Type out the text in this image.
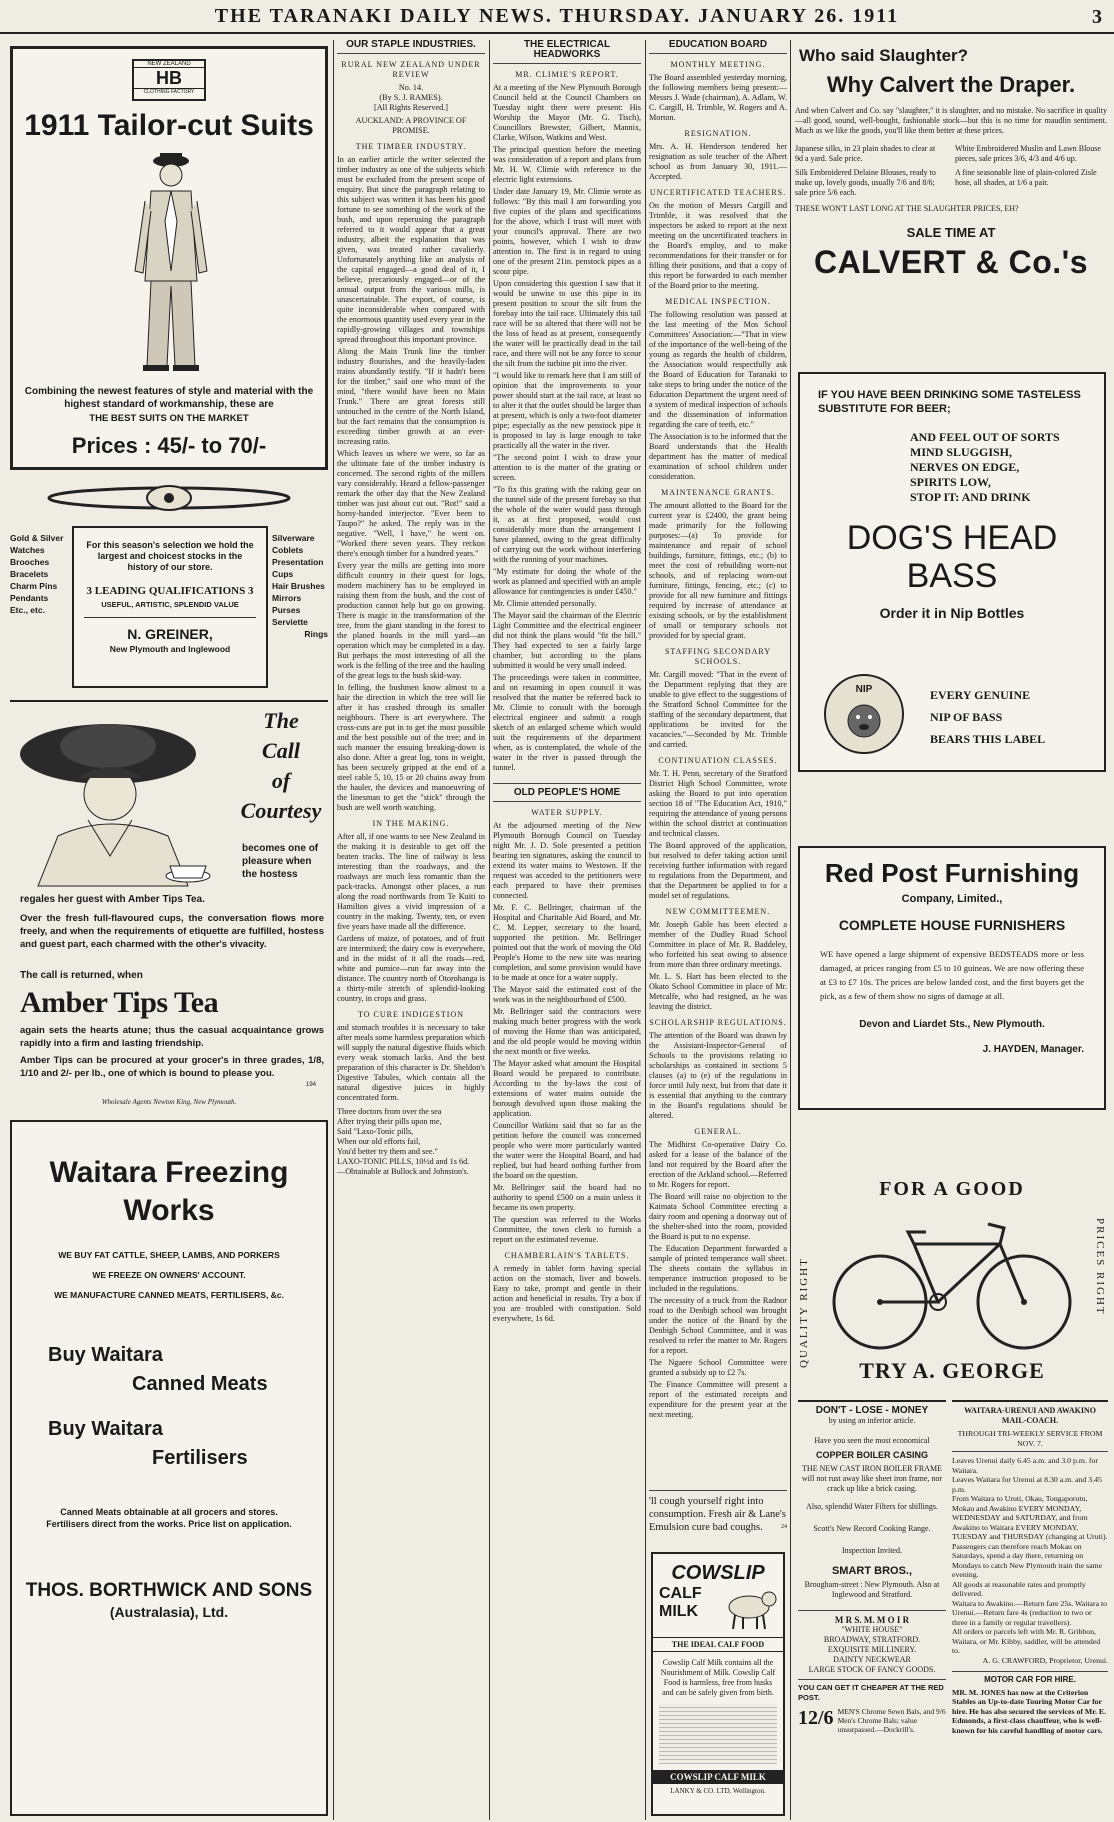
THE TARANAKI DAILY NEWS. THURSDAY. JANUARY 26. 1911	3
NEW ZEALAND
HB
CLOTHING FACTORY
1911 Tailor-cut Suits
Combining the newest features of style and material with the highest standard of workmanship, these are
THE BEST SUITS ON THE MARKET
Prices : 45/- to 70/-
Gold & Silver
Watches
Brooches
Bracelets
Charm Pins
Pendants
Etc., etc.
For this season's selection we hold the largest and choicest stocks in the history of our store.
3 LEADING QUALIFICATIONS 3
USEFUL, ARTISTIC, SPLENDID VALUE
N. GREINER,
New Plymouth and Inglewood
Silverware
Coblets
Presentation
Cups
Hair Brushes
Mirrors
Purses
Serviette
Rings
The
Call
of
Courtesy
becomes one of pleasure when the hostess
regales her guest with Amber Tips Tea.
Over the fresh full-flavoured cups, the conversation flows more freely, and when the requirements of etiquette are fulfilled, hostess and guest part, each charmed with the other's vivacity.
The call is returned, when
Amber Tips Tea
again sets the hearts atune; thus the casual acquaintance grows rapidly into a firm and lasting friendship.
Amber Tips can be procured at your grocer's in three grades, 1/8, 1/10 and 2/- per lb., one of which is bound to please you.
194
Wholesale Agents Newton King, New Plymouth.
Waitara Freezing
Works
WE BUY FAT CATTLE, SHEEP, LAMBS, AND PORKERS
WE FREEZE ON OWNERS' ACCOUNT.
WE MANUFACTURE CANNED MEATS, FERTILISERS, &c.
Buy Waitara
Canned Meats
Buy Waitara
Fertilisers
Canned Meats obtainable at all grocers and stores. Fertilisers direct from the works. Price list on application.
THOS. BORTHWICK AND SONS
(Australasia), Ltd.
OUR STAPLE INDUSTRIES.
RURAL NEW ZEALAND UNDER REVIEW
No. 14.
(By S. J. RAMES).
[All Rights Reserved.]
AUCKLAND: A PROVINCE OF PROMISE.
THE TIMBER INDUSTRY.

In an earlier article the writer selected the timber industry as one of the subjects which must be excluded from the present scope of enquiry. But since the paragraph relating to this subject was written it has been his good fortune to see something of the work of the bush, and upon reperusing the paragraph referred to it would appear that a great industry, albeit the explanation that was given, was treated rather cavalierly. Unfortunately anything like an analysis of the capital engaged—a good deal of it, I believe, precariously engaged—or of the annual output from the various mills, is unascertainable. The export, of course, is quite inconsiderable when compared with the enormous quantity used every year in the rapidly-growing villages and townships spread throughout this important province.

Along the Main Trunk line the timber industry flourishes, and the heavily-laden trains abundantly testify. "If it hadn't been for the timber," said one who must of the mind, "there would have been no Main Trunk." There are great forests still untouched in the centre of the North Island, but the fact remains that the consumption is exceeding timber growth at an ever-increasing ratio.

Which leaves us where we were, so far as the ultimate fate of the timber industry is concerned. The second rights of the millers vary considerably. Heard a fellow-passenger remark the other day that the New Zealand timber was just about cut out. "Rot!" said a horny-handed interjector. "Ever been to Taupo?" he asked. The reply was in the negative. "Well, I have," he went on. "Worked there seven years. They reckon there's enough timber for a hundred years."

Every year the mills are getting into more difficult country in their quest for logs, modern machinery has to be employed in raising them from the bush, and the cost of production cannot help but go on growing. There is magic in the transformation of the tree, from the giant standing in the forest to the planed boards in the mill yard—an operation which may be completed in a day. But perhaps the most interesting of all the work is the felling of the tree and the hauling of the great logs to the bush skid-way.

In felling, the bushmen know almost to a hair the direction in which the tree will lie after it has crashed through its smaller neighbours. There is art everywhere. The cross-cuts are put in to get the most possible and the best possible out of the tree; and in such manner the ensuing breaking-down is also done. After a great log, tons in weight, has been securely gripped at the end of a steel cable 5, 10, 15 or 20 chains away from the hauler, the devices and manoeuvring of the linesman to get the "stick" through the bush are well worth watching.

IN THE MAKING.

After all, if one wants to see New Zealand in the making it is desirable to get off the beaten tracks. The line of railway is less interesting than the roadways, and the roadways are much less romantic than the pack-tracks. Amongst other places, a run along the road northwards from Te Kuiti to Hamilton gives a vivid impression of a country in the making. Twenty, ten, or even five years have made all the difference.

Gardens of maize, of potatoes, and of fruit are intermixed; the dairy cow is everywhere, and in the midst of it all the roads—red, white and pumice—run far away into the distance. The country north of Otorohanga is a thirty-mile stretch of splendid-looking country, in crops and grass.

TO CURE INDIGESTION

and stomach troubles it is necessary to take after meals some harmless preparation which will supply the natural digestive fluids which every weak stomach lacks. And the best preparation of this character is Dr. Sheldon's Digestive Tabules, which contain all the natural digestive juices in highly concentrated form.

Three doctors from over the sea
After trying their pills upon me,
Said "Laxo-Tonic pills,
When our old efforts fail,
You'd better try them and see."
LAXO-TONIC PILLS, 10½d and 1s 6d.
—Obtainable at Bullock and Johnston's.
THE ELECTRICAL HEADWORKS
MR. CLIMIE'S REPORT.

At a meeting of the New Plymouth Borough Council held at the Council Chambers on Tuesday night there were present: His Worship the Mayor (Mr. G. Tisch), Councillors Brewster, Gilbert, Mannix, Clarke, Wilson, Watkins and West.

The principal question before the meeting was consideration of a report and plans from Mr. H. W. Climie with reference to the electric light extensions.

Under date January 19, Mr. Climie wrote as follows: "By this mail I am forwarding you five copies of the plans and specifications for the above, which I trust will meet with your council's approval. There are two points, however, which I wish to draw attention to. The first is in regard to using one of the present 21in. penstock pipes as a scour pipe.

Upon considering this question I saw that it would be unwise to use this pipe in its present position to scour the silt from the forebay into the tail race. Ultimately this tail race will be so altered that there will not be the loss of head as at present, consequently the water will be practically dead in the tail race, and there will not be any force to scour the silt from the turbine pit into the river.

"I would like to remark here that I am still of opinion that the improvements to your power should start at the tail race, at least so to alter it that the outlet should be larger than at present, which is only a two-foot diameter pipe; especially as the new penstock pipe it is proposed to lay is large enough to take practically all the water in the river.

"The second point I wish to draw your attention to is the matter of the grating or screen.

"To fix this grating with the raking gear on the tunnel side of the present forebay so that the whole of the water would pass through it, as at first proposed, would cost considerably more than the arrangement I have planned, owing to the great difficulty of carrying out the work without interfering with the running of your machines.

"My estimate for doing the whole of the work as planned and specified with an ample allowance for contingencies is under £450."

Mr. Climie attended personally.

The Mayor said the chairman of the Electric Light Committee and the electrical engineer did not think the plans would "fit the bill." They had expected to see a fairly large chamber, but according to the plans submitted it would be very small indeed.

The proceedings were taken in committee, and on resuming in open council it was resolved that the matter be referred back to Mr. Climie to consult with the borough electrical engineer and submit a rough sketch of an enlarged scheme which would suit the requirements of the department when, as is contemplated, the whole of the water in the river is passed through the tunnel.

OLD PEOPLE'S HOME
WATER SUPPLY.

At the adjourned meeting of the New Plymouth Borough Council on Tuesday night Mr. J. D. Sole presented a petition bearing ten signatures, asking the council to extend its water mains to Westown. If the request was acceded to the petitioners were each prepared to have their premises connected.

Mr. F. C. Bellringer, chairman of the Hospital and Charitable Aid Board, and Mr. C. M. Lepper, secretary to the board, supported the petition. Mr. Bellringer pointed out that the work of moving the Old People's Home to the new site was nearing completion, and some provision would have to be made at once for a water supply.

The Mayor said the estimated cost of the work was in the neighbourhood of £500.

Mr. Bellringer said the contractors were making much better progress with the work of moving the Home than was anticipated, and the old people would be moving within the next month or five weeks.

The Mayor asked what amount the Hospital Board would be prepared to contribute. According to the by-laws the cost of extensions of water mains outside the borough devolved upon those making the application.

Councillor Watkins said that so far as the petition before the council was concerned people who were more particularly wanted the water were the Hospital Board, and had replied, but had heard nothing further from the board on the question.

Mr. Bellringer said the board had no authority to spend £500 on a main unless it became its own property.

The question was referred to the Works Committee, the town clerk to furnish a report on the estimated revenue.

CHAMBERLAIN'S TABLETS.

A remedy in tablet form having special action on the stomach, liver and bowels. Easy to take, prompt and gentle in their action and beneficial in results. Try a box if you are troubled with constipation. Sold everywhere, 1s 6d.

EDUCATION BOARD
MONTHLY MEETING.

The Board assembled yesterday morning, the following members being present:—Messrs J. Wade (chairman), A. Adlam, W. C. Cargill, H. Trimble, W. Rogers and A. Morton.

RESIGNATION.

Mrs. A. H. Henderson tendered her resignation as sole teacher of the Albert school as from January 30, 1911.—Accepted.

UNCERTIFICATED TEACHERS.

On the motion of Messrs Cargill and Trimble, it was resolved that the inspectors be asked to report at the next meeting on the uncertificated teachers in the Board's employ, and to make recommendations for their transfer or for filling their positions, and that a copy of this report be forwarded to each member of the Board prior to the meeting.

MEDICAL INSPECTION.

The following resolution was passed at the last meeting of the Mos School Committees' Association:—"That in view of the importance of the well-being of the young as regards the health of children, the Association would respectfully ask the Board of Education for Taranaki to take steps to bring under the notice of the Education Department the urgent need of a system of medical inspection of schools and the dissemination of information regarding the care of teeth, etc."

The Association is to be informed that the Board understands that the Health department has the matter of medical examination of school children under consideration.

MAINTENANCE GRANTS.

The amount allotted to the Board for the current year is £2400, the grant being made primarily for the following purposes:—(a) To provide for maintenance and repair of school buildings, furniture, fittings, etc.; (b) to meet the cost of rebuilding worn-out schools, and of replacing worn-out furniture, fittings, fencing, etc.; (c) to provide for all new furniture and fittings required by increase of attendance at existing schools, or by the establishment of small or temporary schools not provided for by special grant.

STAFFING SECONDARY SCHOOLS.

Mr. Cargill moved: "That in the event of the Department replying that they are unable to give effect to the suggestions of the Stratford School Committee for the staffing of the secondary department, that applications be invited for the vacancies."—Seconded by Mr. Trimble and carried.

CONTINUATION CLASSES.

Mr. T. H. Penn, secretary of the Stratford District High School Committee, wrote asking the Board to put into operation section 18 of "The Education Act, 1910," requiring the attendance of young persons within the school district at continuation and technical classes.

The Board approved of the application, but resolved to defer taking action until receiving further information with regard to regulations from the Department, and that the Department be applied to for a model set of regulations.

NEW COMMITTEEMEN.

Mr. Joseph Gable has been elected a member of the Dudley Road School Committee in place of Mr. R. Baddeley, who forfeited his seat owing to absence from more than three ordinary meetings.

Mr. L. S. Hart has been elected to the Okato School Committee in place of Mr. Metcalfe, who had resigned, as he was leaving the district.

SCHOLARSHIP REGULATIONS.

The attention of the Board was drawn by the Assistant-Inspector-General of Schools to the provisions relating to scholarships as contained in sections 5 clauses (a) to (e) of the regulations in force until July next, but from that date it is essential that anything to the contrary in the Board's regulations should be altered.

GENERAL.

The Midhirst Co-operative Dairy Co. asked for a lease of the balance of the land not required by the Board after the erection of the Arkland school.—Referred to Mr. Rogers for report.

The Board will raise no objection to the Kaimata School Committee erecting a dairy room and opening a doorway out of the shelter-shed into the room, provided the Board is put to no expense.

The Education Department forwarded a sample of printed temperance wall sheet. The sheets contain the syllabus in temperance instruction proposed to be included in the regulations.

The necessity of a truck from the Radnor road to the Denbigh school was brought under the notice of the Board by the Denbigh School Committee, and it was resolved to refer the matter to Mr. Rogers for a report.

The Ngaere School Committee were granted a subsidy up to £2 7s.

The Finance Committee will present a report of the estimated receipts and expenditure for the present year at the next meeting.

'll cough yourself right into consumption. Fresh air & Lane's Emulsion cure bad coughs.	24
COWSLIP
CALF MILK
THE IDEAL CALF FOOD
Cowslip Calf Milk contains all the Nourishment of Milk. Cowslip Calf Food is harmless, free from husks and can be safely given from birth.
COWSLIP CALF MILK
LANKY & CO. LTD. Wellington.
Who said Slaughter?
Why Calvert the Draper.
And when Calvert and Co. say "slaughter," it is slaughter, and no mistake. No sacrifice in quality—all good, sound, well-bought, fashionable stock—but this is no time for maudlin sentiment. Much as we like the goods, you'll like them better at these prices.

Japanese silks, in 23 plain shades to clear at 9d a yard. Sale price.

Silk Embroidered Delaine Blouses, ready to make up, lovely goods, usually 7/6 and 8/6; sale price 5/6 each.

White Embroidered Muslin and Lawn Blouse pieces, sale prices 3/6, 4/3 and 4/6 up.

A fine seasonable line of plain-colored Zisle hose, all shades, at 1/6 a pair.

THESE WON'T LAST LONG AT THE SLAUGHTER PRICES, EH?
SALE TIME AT
CALVERT & Co.'s
IF YOU HAVE BEEN DRINKING SOME TASTELESS SUBSTITUTE FOR BEER;
AND FEEL OUT OF SORTS
MIND SLUGGISH,
NERVES ON EDGE,
SPIRITS LOW,
STOP IT: AND DRINK
DOG'S HEAD
BASS
Order it in Nip Bottles
NIP	EVERY GENUINE
NIP OF BASS
BEARS THIS LABEL
Red Post Furnishing
Company, Limited.,
COMPLETE HOUSE FURNISHERS
WE have opened a large shipment of expensive BEDSTEADS more or less damaged, at prices ranging from £5 to 10 guineas. We are now offering these at £3 to £7 10s. The prices are below landed cost, and the first buyers get the pick, as a few of them show no signs of damage at all.
Devon and Liardet Sts., New Plymouth.
J. HAYDEN, Manager.
FOR A GOOD
QUALITY RIGHT	PRICES RIGHT
TRY A. GEORGE
DON'T - LOSE - MONEY
by using an inferior article.
Have you seen the most economical
COPPER BOILER CASING
THE NEW CAST IRON BOILER FRAME will not rust away like sheet iron frame, nor crack up like a brick casing.
Also, splendid Water Filters for shillings.
Scott's New Record Cooking Range.
Inspection Invited.
SMART BROS.,
Brougham-street : New Plymouth. Also at Inglewood and Stratford.
M R S. M. M O I R
"WHITE HOUSE"
BROADWAY, STRATFORD.
EXQUISITE MILLINERY.
DAINTY NECKWEAR
LARGE STOCK OF FANCY GOODS.
YOU CAN GET IT CHEAPER AT THE RED POST.
12/6 MEN'S Chrome Sewn Bals, and 9/6 Men's Chrome Bals; value unsurpassed.—Dockrill's.
WAITARA-URENUI AND AWAKINO MAIL-COACH.
THROUGH TRI-WEEKLY SERVICE FROM NOV. 7.

Leaves Urenui daily 6.45 a.m. and 3.0 p.m. for Waitara.

Leaves Waitara for Urenui at 8.30 a.m. and 3.45 p.m.

From Waitara to Uruti, Okau, Tongaporutu, Mokau and Awakino EVERY MONDAY, WEDNESDAY and SATURDAY, and from Awakino to Waitara EVERY MONDAY, TUESDAY and THURSDAY (changing at Uruti).

Passengers can therefore reach Mokau on Saturdays, spend a day there, returning on Mondays to catch New Plymouth train the same evening.

All goods at reasonable rates and promptly delivered.

Waitara to Awakino.—Return fare 25s. Waitara to Urenui.—Return fare 4s (reduction to two or three in a family or regular travellers).

All orders or parcels left with Mr. R. Gribbon, Waitara, or Mr. Kibby, saddler, will be attended to.

A. G. CRAWFORD, Proprietor, Urenui.
MOTOR CAR FOR HIRE.

MR. M. JONES has now at the Criterion Stables an Up-to-date Touring Motor Car for hire. He has also secured the services of Mr. E. Edmonds, a first-class chauffeur, who is well-known for his careful handling of motor cars.
